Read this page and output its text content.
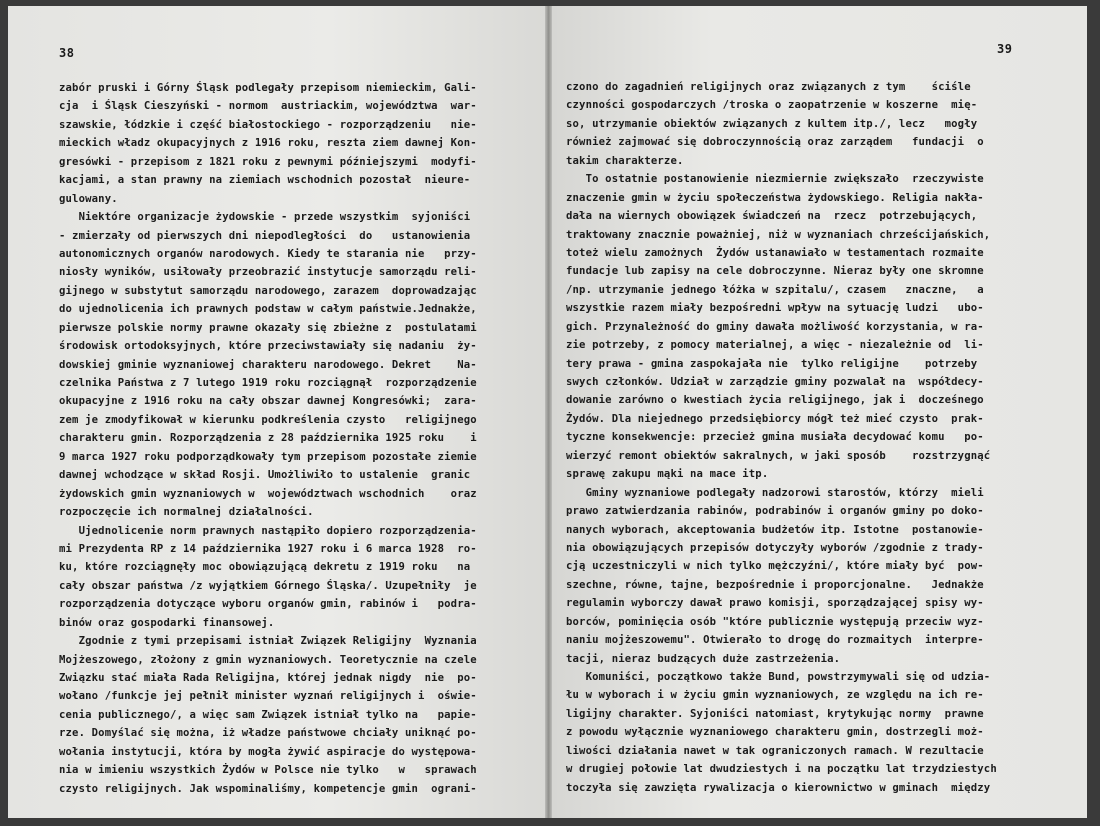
38
zabór pruski i Górny Śląsk podlegały przepisom niemieckim, Gali-
cja  i Śląsk Cieszyński - normom  austriackim, województwa  war-
szawskie, łódzkie i część białostockiego - rozporządzeniu   nie-
mieckich władz okupacyjnych z 1916 roku, reszta ziem dawnej Kon-
gresówki - przepisom z 1821 roku z pewnymi późniejszymi  modyfi-
kacjami, a stan prawny na ziemiach wschodnich pozostał  nieure-
gulowany.
Niektóre organizacje żydowskie - przede wszystkim  syjoniści
- zmierzały od pierwszych dni niepodległości  do   ustanowienia
autonomicznych organów narodowych. Kiedy te starania nie   przy-
niosły wyników, usiłowały przeobrazić instytucje samorządu reli-
gijnego w substytut samorządu narodowego, zarazem  doprowadzając
do ujednolicenia ich prawnych podstaw w całym państwie.Jednakże,
pierwsze polskie normy prawne okazały się zbieżne z  postulatami
środowisk ortodoksyjnych, które przeciwstawiały się nadaniu  ży-
dowskiej gminie wyznaniowej charakteru narodowego. Dekret    Na-
czelnika Państwa z 7 lutego 1919 roku rozciągnął  rozporządzenie
okupacyjne z 1916 roku na cały obszar dawnej Kongresówki;  zara-
zem je zmodyfikował w kierunku podkreślenia czysto   religijnego
charakteru gmin. Rozporządzenia z 28 października 1925 roku    i
9 marca 1927 roku podporządkowały tym przepisom pozostałe ziemie
dawnej wchodzące w skład Rosji. Umożliwiło to ustalenie  granic
żydowskich gmin wyznaniowych w  województwach wschodnich    oraz
rozpoczęcie ich normalnej działalności.
Ujednolicenie norm prawnych nastąpiło dopiero rozporządzenia-
mi Prezydenta RP z 14 października 1927 roku i 6 marca 1928  ro-
ku, które rozciągnęły moc obowiązującą dekretu z 1919 roku   na
cały obszar państwa /z wyjątkiem Górnego Śląska/. Uzupełniły  je
rozporządzenia dotyczące wyboru organów gmin, rabinów i   podra-
binów oraz gospodarki finansowej.
Zgodnie z tymi przepisami istniał Związek Religijny  Wyznania
Mojżeszowego, złożony z gmin wyznaniowych. Teoretycznie na czele
Związku stać miała Rada Religijna, której jednak nigdy  nie  po-
wołano /funkcje jej pełnił minister wyznań religijnych i  oświe-
cenia publicznego/, a więc sam Związek istniał tylko na   papie-
rze. Domyślać się można, iż władze państwowe chciały uniknąć po-
wołania instytucji, która by mogła żywić aspiracje do występowa-
nia w imieniu wszystkich Żydów w Polsce nie tylko   w   sprawach
czysto religijnych. Jak wspominaliśmy, kompetencje gmin  ograni-
39
czono do zagadnień religijnych oraz związanych z tym    ściśle
czynności gospodarczych /troska o zaopatrzenie w koszerne  mię-
so, utrzymanie obiektów związanych z kultem itp./, lecz   mogły
również zajmować się dobroczynnością oraz zarządem   fundacji  o
takim charakterze.
To ostatnie postanowienie niezmiernie zwiększało  rzeczywiste
znaczenie gmin w życiu społeczeństwa żydowskiego. Religia nakła-
dała na wiernych obowiązek świadczeń na  rzecz  potrzebujących,
traktowany znacznie poważniej, niż w wyznaniach chrześcijańskich,
toteż wielu zamożnych  Żydów ustanawiało w testamentach rozmaite
fundacje lub zapisy na cele dobroczynne. Nieraz były one skromne
/np. utrzymanie jednego łóżka w szpitalu/, czasem   znaczne,   a
wszystkie razem miały bezpośredni wpływ na sytuację ludzi   ubo-
gich. Przynależność do gminy dawała możliwość korzystania, w ra-
zie potrzeby, z pomocy materialnej, a więc - niezależnie od  li-
tery prawa - gmina zaspokajała nie  tylko religijne    potrzeby
swych członków. Udział w zarządzie gminy pozwalał na  współdecy-
dowanie zarówno o kwestiach życia religijnego, jak i  docześnego
Żydów. Dla niejednego przedsiębiorcy mógł też mieć czysto  prak-
tyczne konsekwencje: przecież gmina musiała decydować komu   po-
wierzyć remont obiektów sakralnych, w jaki sposób    rozstrzygnąć
sprawę zakupu mąki na mace itp.
Gminy wyznaniowe podlegały nadzorowi starostów, którzy  mieli
prawo zatwierdzania rabinów, podrabinów i organów gminy po doko-
nanych wyborach, akceptowania budżetów itp. Istotne  postanowie-
nia obowiązujących przepisów dotyczyły wyborów /zgodnie z trady-
cją uczestniczyli w nich tylko mężczyźni/, które miały być  pow-
szechne, równe, tajne, bezpośrednie i proporcjonalne.   Jednakże
regulamin wyborczy dawał prawo komisji, sporządzającej spisy wy-
borców, pominięcia osób "które publicznie występują przeciw wyz-
naniu mojżeszowemu". Otwierało to drogę do rozmaitych  interpre-
tacji, nieraz budzących duże zastrzeżenia.
Komuniści, początkowo także Bund, powstrzymywali się od udzia-
łu w wyborach i w życiu gmin wyznaniowych, ze względu na ich re-
ligijny charakter. Syjoniści natomiast, krytykując normy  prawne
z powodu wyłącznie wyznaniowego charakteru gmin, dostrzegli moż-
liwości działania nawet w tak ograniczonych ramach. W rezultacie
w drugiej połowie lat dwudziestych i na początku lat trzydziestych
toczyła się zawzięta rywalizacja o kierownictwo w gminach  między
